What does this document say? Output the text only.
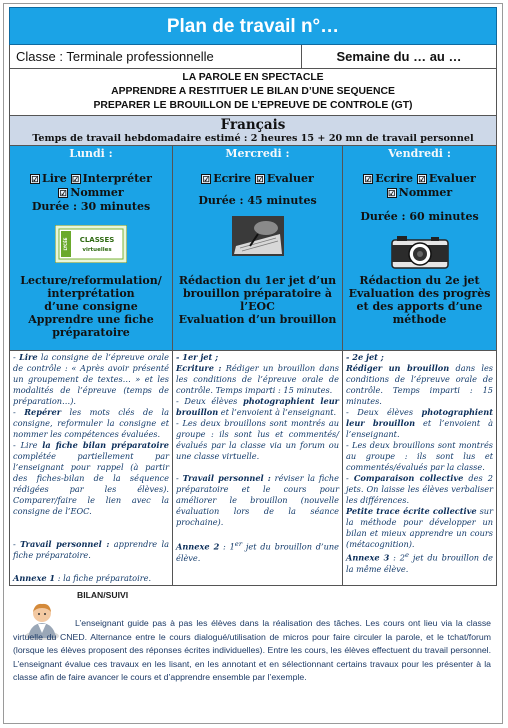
Plan de travail n°…
Classe : Terminale professionnelle	Semaine du … au …
LA PAROLE EN SPECTACLE
APPRENDRE A RESTITUER LE BILAN D’UNE SEQUENCE
PREPARER LE BROUILLON DE L’EPREUVE DE CONTROLE (GT)
Français
Temps de travail hebdomadaire estimé : 2 heures 15 + 20 mn de travail personnel
Lundi :
☑ Lire ☑ Interpréter
☑ Nommer
Durée : 30 minutes
LYCÉE CLASSES
virtuelles
Lecture/reformulation/
interprétation
d’une consigne
Apprendre une fiche
préparatoire
Mercredi :
☑ Ecrire ☑ Evaluer
Durée : 45 minutes
Rédaction du 1er jet d’un
brouillon préparatoire à
l’EOC
Evaluation d’un brouillon
Vendredi :
☑ Ecrire ☑ Evaluer
☑ Nommer
Durée : 60 minutes
Rédaction du 2e jet
Evaluation des progrès
et des apports d’une
méthode

- Lire la consigne de l’épreuve orale de contrôle : « Après avoir présenté un groupement de textes… » et les modalités de l’épreuve (temps de préparation…).

- Repérer les mots clés de la consigne, reformuler la consigne et nommer les compétences évaluées.

- Lire la fiche bilan préparatoire complétée partiellement par l’enseignant pour rappel (à partir des fiches-bilan de la séquence rédigées par les élèves). Comparer/faire le lien avec la consigne de l’EOC.

- Travail personnel : apprendre la fiche préparatoire.

Annexe 1 : la fiche préparatoire.

- 1er jet ;

Ecriture : Rédiger un brouillon dans les conditions de l’épreuve orale de contrôle. Temps imparti : 15 minutes.

- Deux élèves photographient leur brouillon et l’envoient à l’enseignant.

- Les deux brouillons sont montrés au groupe : ils sont lus et commentés/évalués par la classe via un forum ou une classe virtuelle.

- Travail personnel : réviser la fiche préparatoire et le cours pour améliorer le brouillon (nouvelle évaluation lors de la séance prochaine).

Annexe 2 : 1er jet du brouillon d’une élève.

- 2e jet ;

Rédiger un brouillon dans les conditions de l’épreuve orale de contrôle. Temps imparti : 15 minutes.

- Deux élèves photographient leur brouillon et l’envoient à l’enseignant.

- Les deux brouillons sont montrés au groupe : ils sont lus et commentés/évalués par la classe.

- Comparaison collective des 2 jets. On laisse les élèves verbaliser les différences.

Petite trace écrite collective sur la méthode pour développer un bilan et mieux apprendre un cours (métacognition).

Annexe 3 : 2e jet du brouillon de la même élève.

BILAN/SUIVI
L’enseignant guide pas à pas les élèves dans la réalisation des tâches. Les cours ont lieu via la classe virtuelle du CNED. Alternance entre le cours dialogué/utilisation de micros pour faire circuler la parole, et le tchat/forum (lorsque les élèves proposent des réponses écrites individuelles). Entre les cours, les élèves effectuent du travail personnel. L’enseignant évalue ces travaux en les lisant, en les annotant et en sélectionnant certains travaux pour les présenter à la classe afin de faire avancer le cours et d’apprendre ensemble par l’exemple.
